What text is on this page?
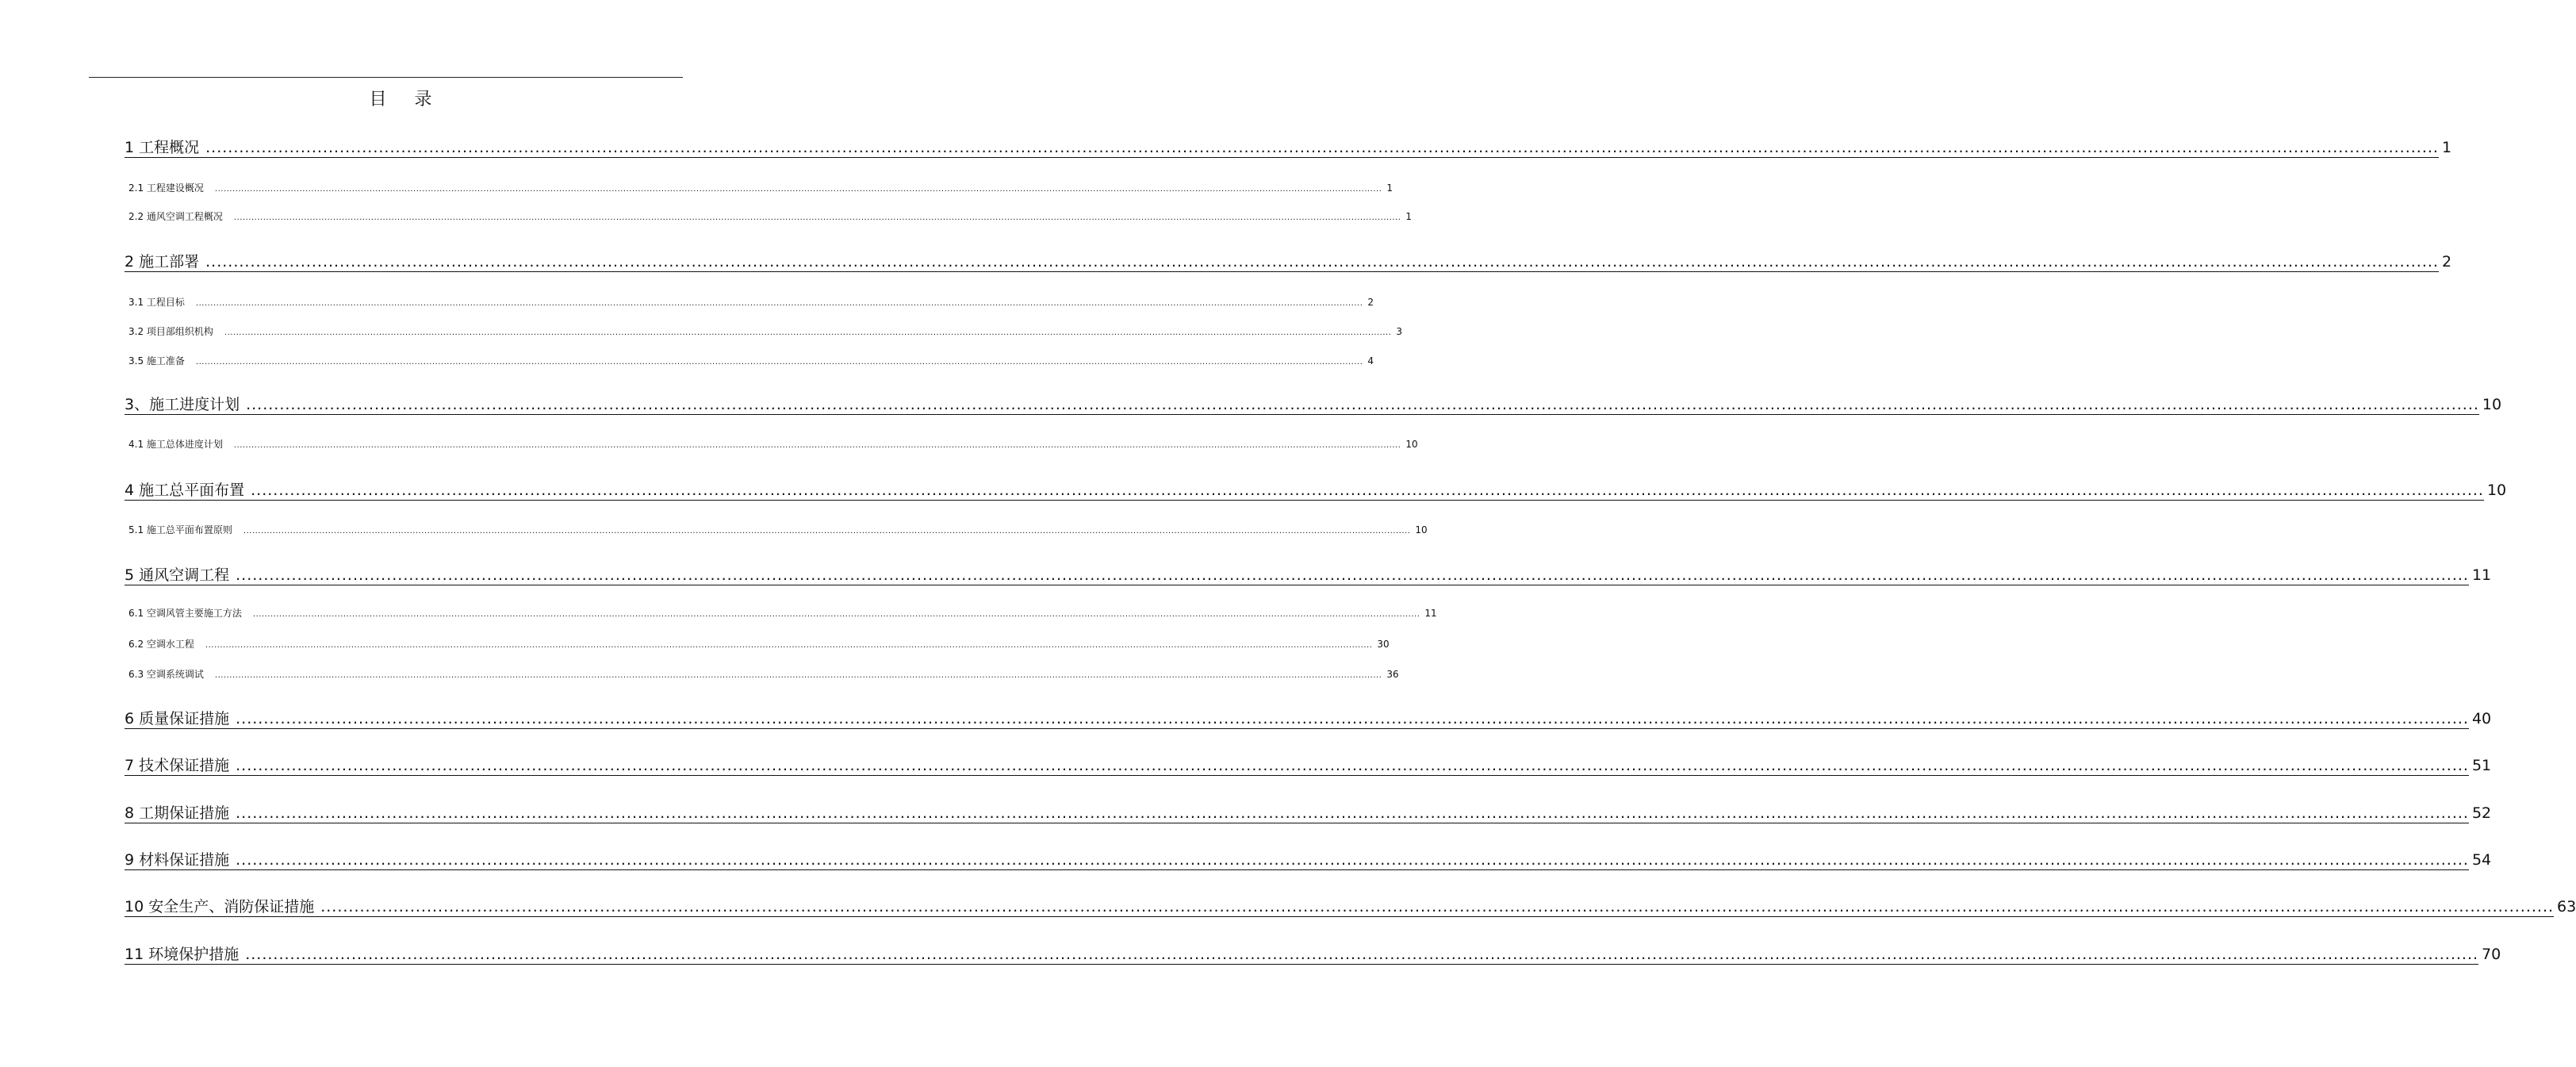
目 录
1 工程概况 ................................................................................................................................................................................................................................................................................................................................................................................................................ 1
2.1 工程建设概况 ................................................................................................................................................................................................................................................................................................................................................................................................................ 1
2.2 通风空调工程概况 ................................................................................................................................................................................................................................................................................................................................................................................................................ 1
2 施工部署 ................................................................................................................................................................................................................................................................................................................................................................................................................ 2
3.1 工程目标 ................................................................................................................................................................................................................................................................................................................................................................................................................ 2
3.2 项目部组织机构 ................................................................................................................................................................................................................................................................................................................................................................................................................ 3
3.5 施工准备 ................................................................................................................................................................................................................................................................................................................................................................................................................ 4
3、施工进度计划 ................................................................................................................................................................................................................................................................................................................................................................................................................ 10
4.1 施工总体进度计划 ................................................................................................................................................................................................................................................................................................................................................................................................................ 10
4 施工总平面布置 ................................................................................................................................................................................................................................................................................................................................................................................................................ 10
5.1 施工总平面布置原则 ................................................................................................................................................................................................................................................................................................................................................................................................................ 10
5 通风空调工程 ................................................................................................................................................................................................................................................................................................................................................................................................................ 11
6.1 空调风管主要施工方法 ................................................................................................................................................................................................................................................................................................................................................................................................................ 11
6.2 空调水工程 ................................................................................................................................................................................................................................................................................................................................................................................................................ 30
6.3 空调系统调试 ................................................................................................................................................................................................................................................................................................................................................................................................................ 36
6 质量保证措施 ................................................................................................................................................................................................................................................................................................................................................................................................................ 40
7 技术保证措施 ................................................................................................................................................................................................................................................................................................................................................................................................................ 51
8 工期保证措施 ................................................................................................................................................................................................................................................................................................................................................................................................................ 52
9 材料保证措施 ................................................................................................................................................................................................................................................................................................................................................................................................................ 54
10 安全生产、消防保证措施 ................................................................................................................................................................................................................................................................................................................................................................................................................ 63
11 环境保护措施 ................................................................................................................................................................................................................................................................................................................................................................................................................ 70
